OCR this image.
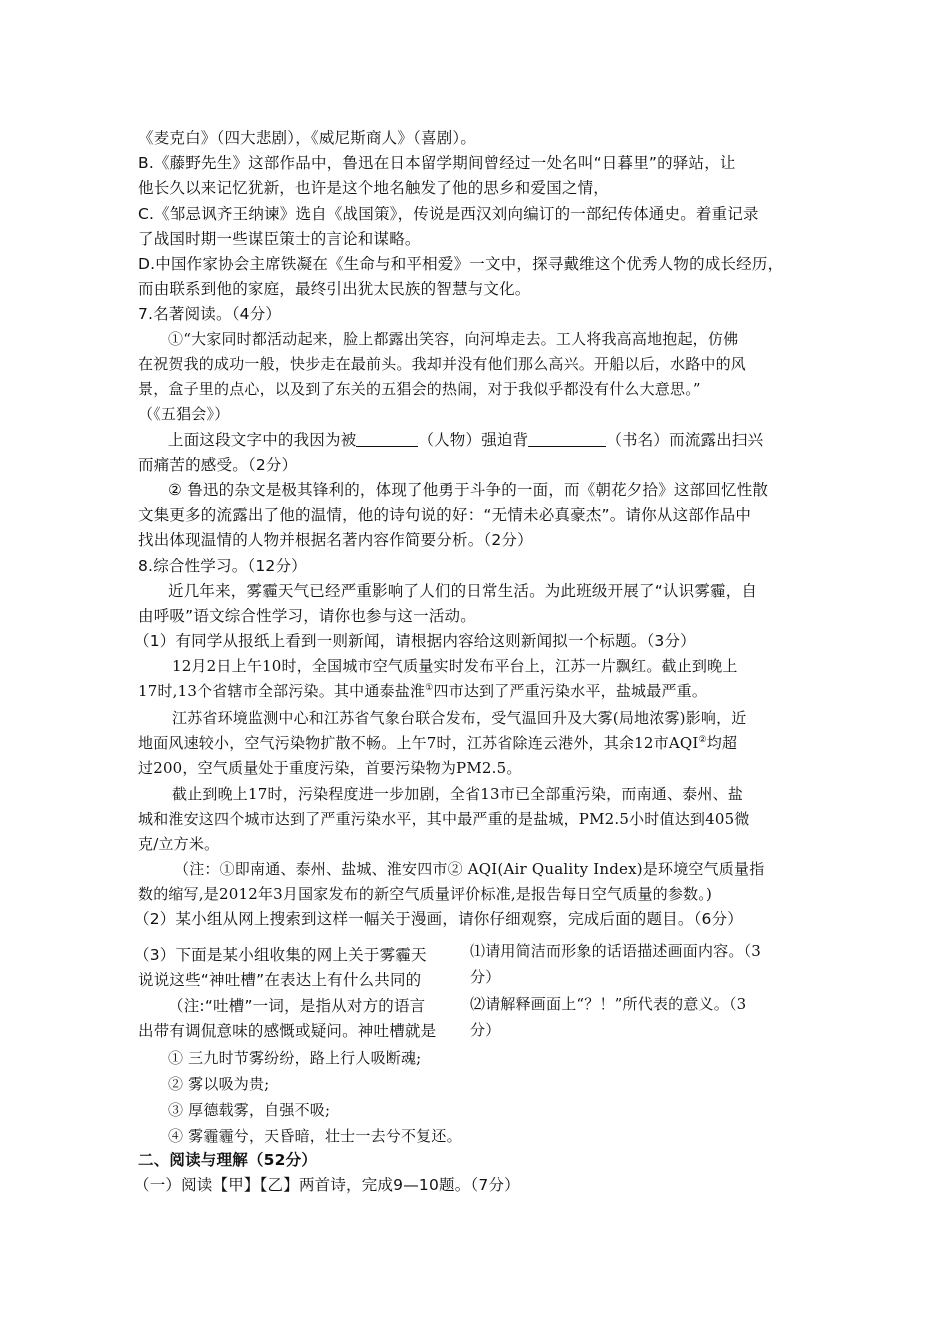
《麦克白》（四大悲剧），《威尼斯商人》（喜剧）。
B.《藤野先生》这部作品中，鲁迅在日本留学期间曾经过一处名叫“日暮里”的驿站，让
他长久以来记忆犹新，也许是这个地名触发了他的思乡和爱国之情，
C.《邹忌讽齐王纳谏》选自《战国策》，传说是西汉刘向编订的一部纪传体通史。着重记录
了战国时期一些谋臣策士的言论和谋略。
D.中国作家协会主席铁凝在《生命与和平相爱》一文中，探寻戴维这个优秀人物的成长经历，
而由联系到他的家庭，最终引出犹太民族的智慧与文化。
7.名著阅读。（4分）
①“大家同时都活动起来，脸上都露出笑容，向河埠走去。工人将我高高地抱起，仿佛
在祝贺我的成功一般，快步走在最前头。我却并没有他们那么高兴。开船以后，水路中的风
景，盒子里的点心，以及到了东关的五猖会的热闹，对于我似乎都没有什么大意思。”
（《五猖会》）
上面这段文字中的我因为被	（人物）强迫背	（书名）而流露出扫兴
而痛苦的感受。（2分）
② 鲁迅的杂文是极其锋利的，体现了他勇于斗争的一面，而《朝花夕拾》这部回忆性散
文集更多的流露出了他的温情，他的诗句说的好：“无情未必真豪杰”。请你从这部作品中
找出体现温情的人物并根据名著内容作简要分析。（2分）
8.综合性学习。（12分）
近几年来，雾霾天气已经严重影响了人们的日常生活。为此班级开展了“认识雾霾，自
由呼吸”语文综合性学习，请你也参与这一活动。
（1）有同学从报纸上看到一则新闻，请根据内容给这则新闻拟一个标题。（3分）
12月2日上午10时，全国城市空气质量实时发布平台上，江苏一片飘红。截止到晚上
17时,13个省辖市全部污染。其中通泰盐淮①四市达到了严重污染水平，盐城最严重。
江苏省环境监测中心和江苏省气象台联合发布，受气温回升及大雾(局地浓雾)影响，近
地面风速较小，空气污染物扩散不畅。上午7时，江苏省除连云港外，其余12市AQI②均超
过200，空气质量处于重度污染，首要污染物为PM2.5。
截止到晚上17时，污染程度进一步加剧，全省13市已全部重污染，而南通、泰州、盐
城和淮安这四个城市达到了严重污染水平，其中最严重的是盐城，PM2.5小时值达到405微
克/立方米。
（注：①即南通、泰州、盐城、淮安四市② AQI(Air Quality Index)是环境空气质量指
数的缩写,是2012年3月国家发布的新空气质量评价标准,是报告每日空气质量的参数。)
（2）某小组从网上搜索到这样一幅关于漫画，请你仔细观察，完成后面的题目。（6分）
（3）下面是某小组收集的网上关于雾霾天
说说这些“神吐槽”在表达上有什么共同的
（注:“吐槽”一词，是指从对方的语言
出带有调侃意味的感慨或疑问。神吐槽就是
① 三九时节雾纷纷，路上行人吸断魂;
② 雾以吸为贵;
③ 厚德载雾，自强不吸;
④ 雾霾霾兮，天昏暗，壮士一去兮不复还。
⑴请用简洁而形象的话语描述画面内容。（3
分）
⑵请解释画面上“？！”所代表的意义。（3
分）
二、阅读与理解（52分）
（一）阅读【甲】【乙】两首诗，完成9—10题。（7分）
